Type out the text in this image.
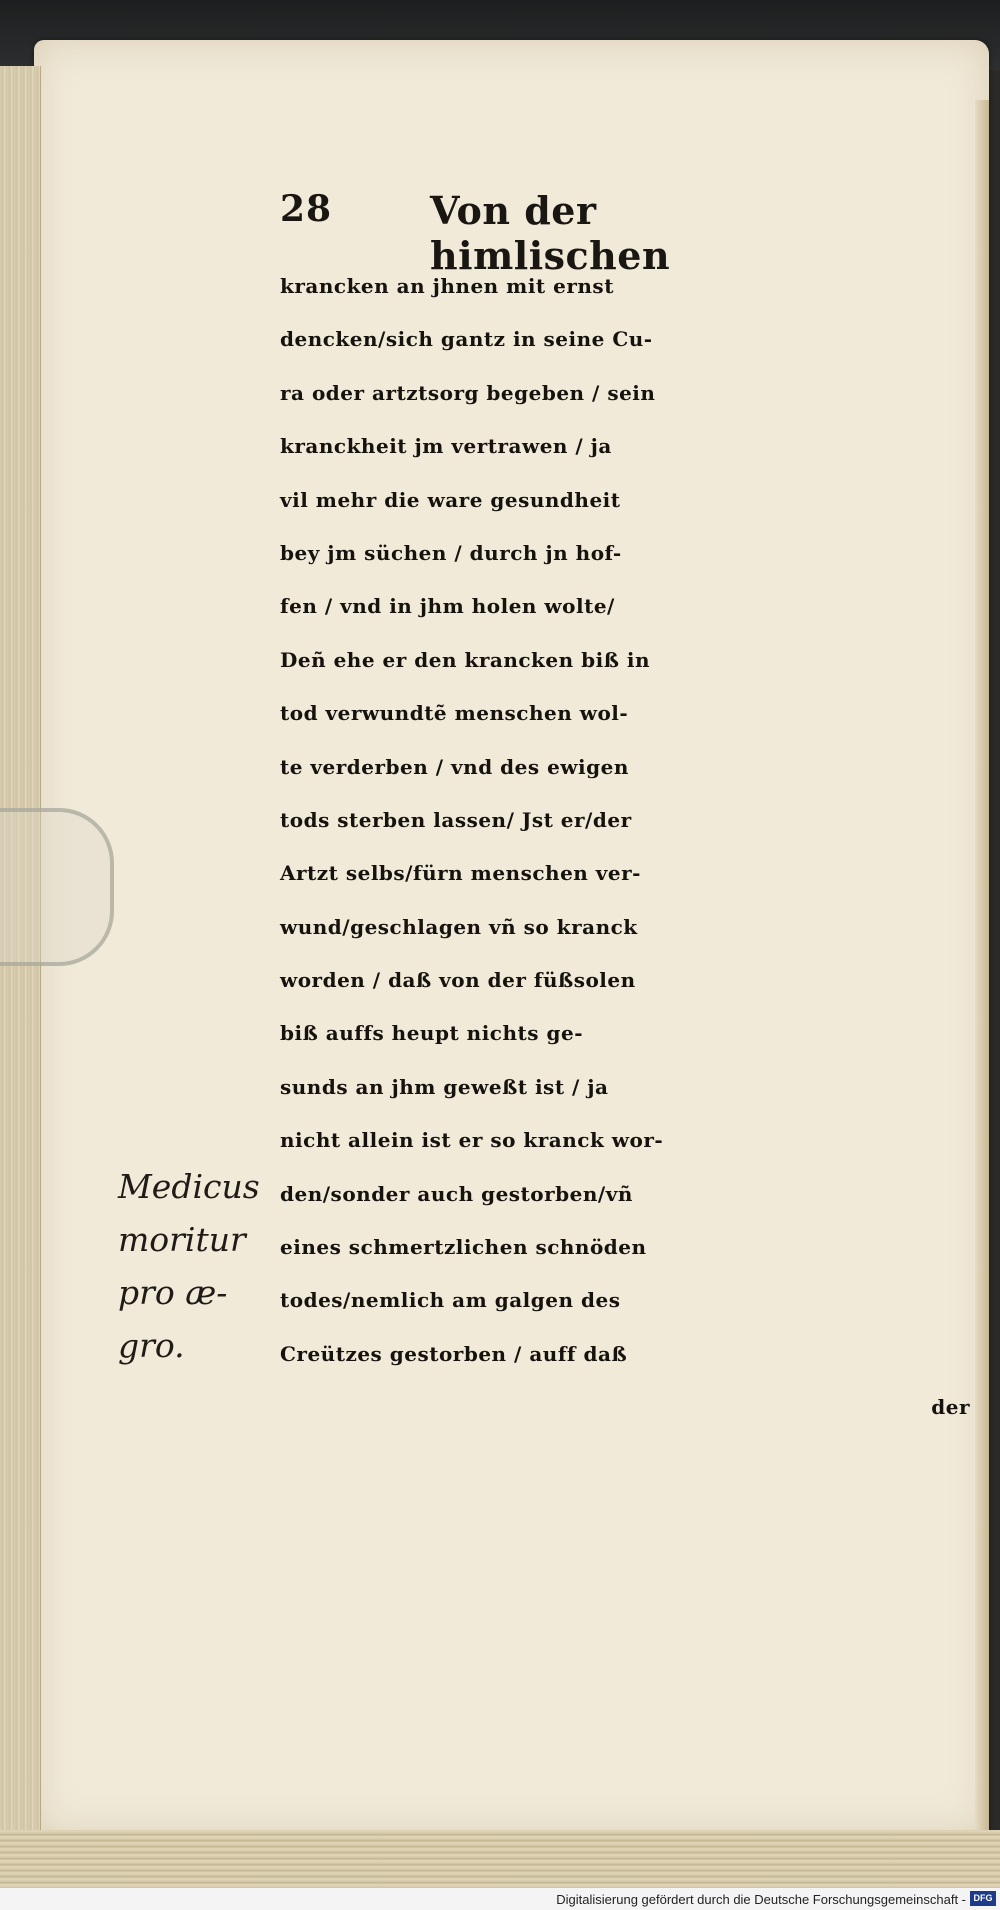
28	Von der himlischen
krancken an jhnen mit ernst
dencken/sich gantz in seine Cu-
ra oder artztsorg begeben / sein
kranckheit jm vertrawen / ja
vil mehr die ware gesundheit
bey jm süchen / durch jn hof-
fen / vnd in jhm holen wolte/
Deñ ehe er den krancken biß in
tod verwundtẽ menschen wol-
te verderben / vnd des ewigen
tods sterben lassen/ Jst er/der
Artzt selbs/fürn menschen ver-
wund/geschlagen vñ so kranck
worden / daß von der füßsolen
biß auffs heupt nichts ge-
sunds an jhm geweßt ist / ja
nicht allein ist er so kranck wor-
den/sonder auch gestorben/vñ
eines schmertzlichen schnöden
todes/nemlich am galgen des
Creützes gestorben / auff daß
der
Medicus
moritur
pro æ-
gro.
Digitalisierung gefördert durch die Deutsche Forschungsgemeinschaft - DFG
